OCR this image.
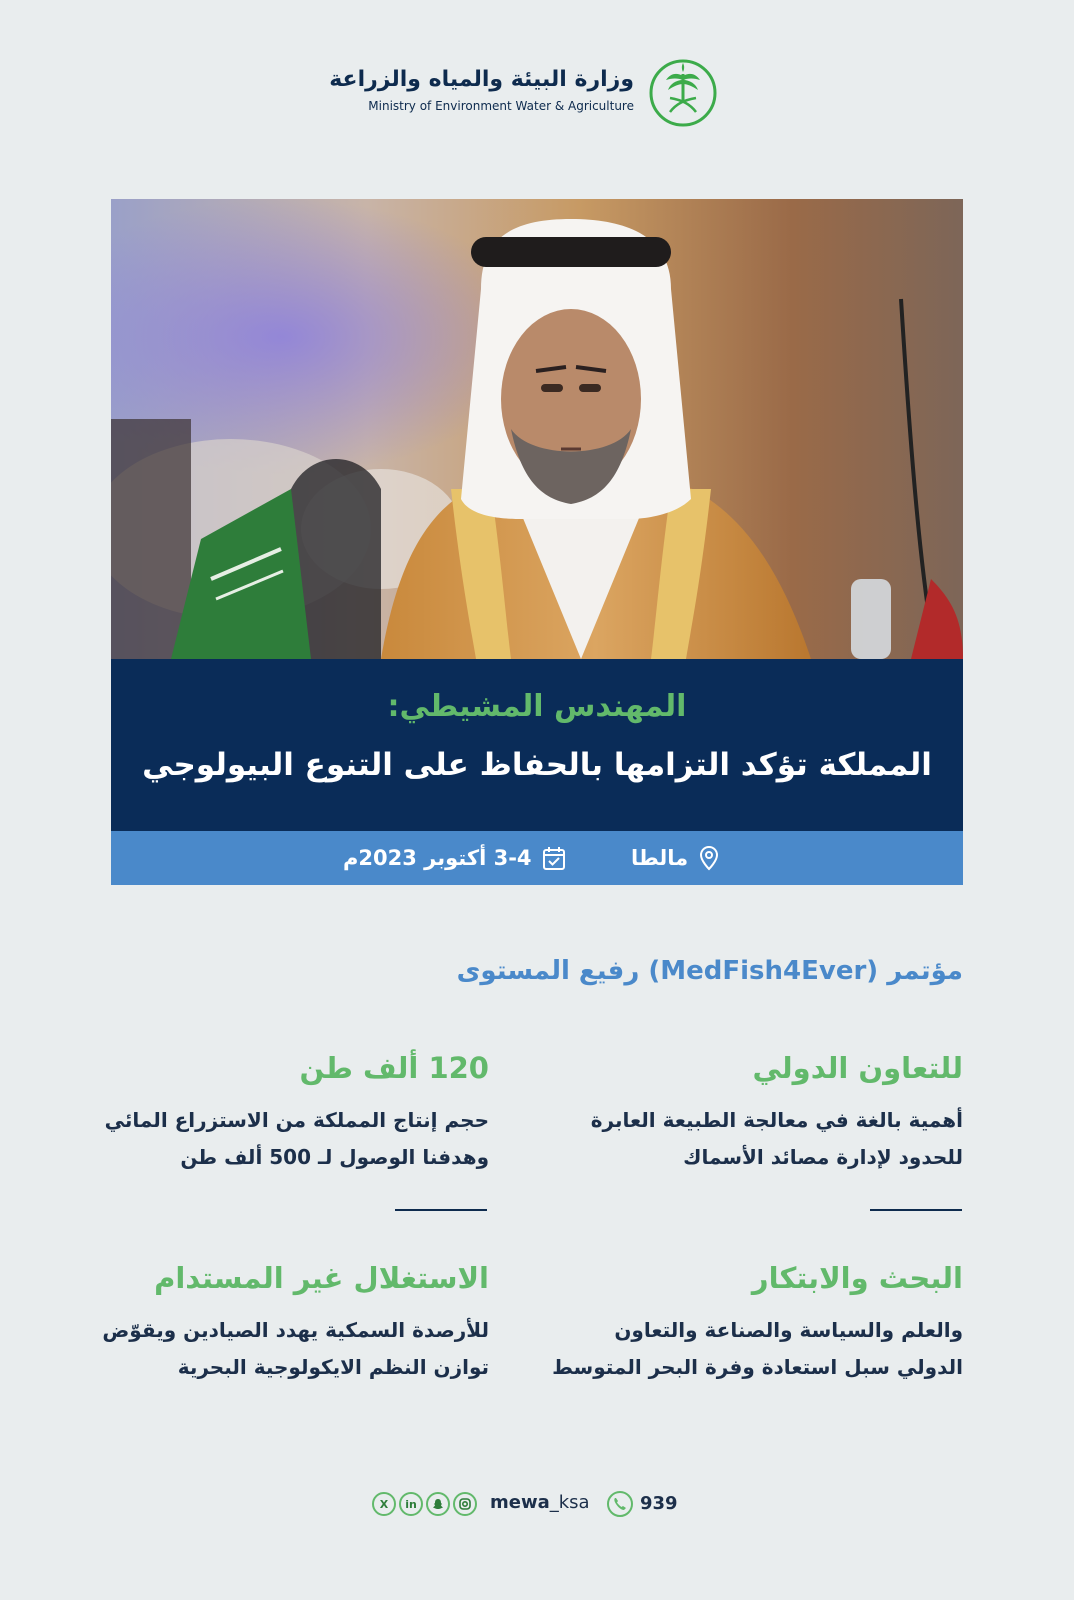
وزارة البيئة والمياه والزراعة
Ministry of Environment Water & Agriculture
المهندس المشيطي:
المملكة تؤكد التزامها بالحفاظ على التنوع البيولوجي
مالطا
3-4 أكتوبر 2023م
مؤتمر (MedFish4Ever) رفيع المستوى
للتعاون الدولي

أهمية بالغة في معالجة الطبيعة العابرة للحدود لإدارة مصائد الأسماك

120 ألف طن

حجم إنتاج المملكة من الاستزراع المائي وهدفنا الوصول لـ 500 ألف طن

البحث والابتكار

والعلم والسياسة والصناعة والتعاون الدولي سبل استعادة وفرة البحر المتوسط

الاستغلال غير المستدام

للأرصدة السمكية يهدد الصيادين ويقوّض توازن النظم الايكولوجية البحرية

X in	mewa_ksa	939
